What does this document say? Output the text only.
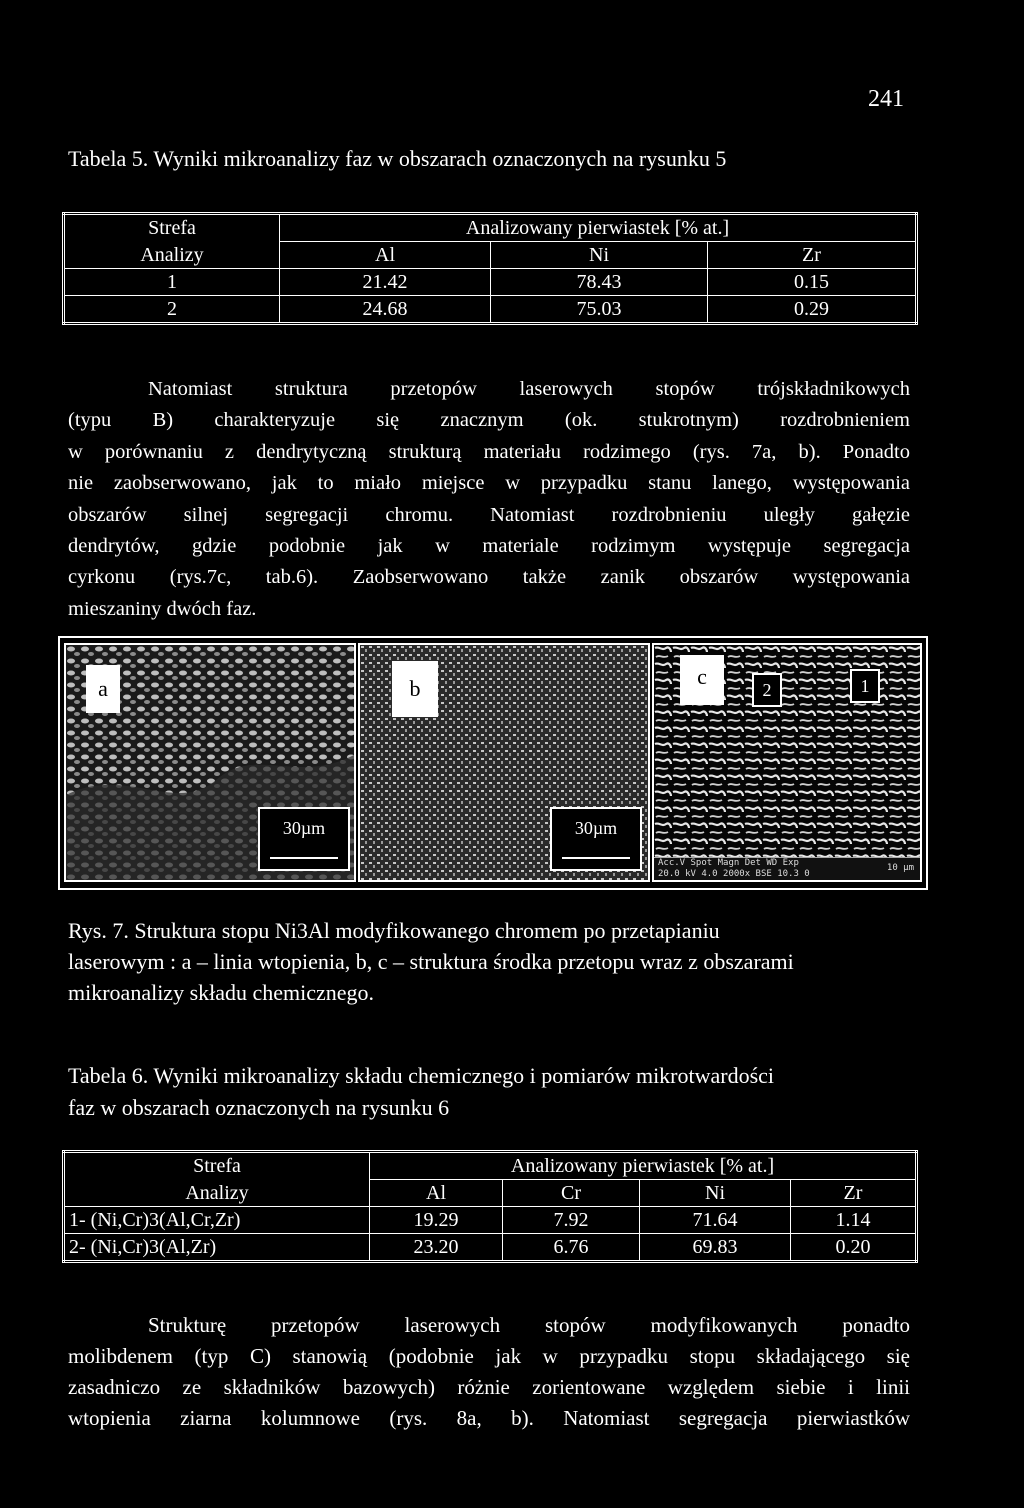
241
Tabela 5. Wyniki mikroanalizy faz w obszarach oznaczonych na rysunku 5
Strefa	Analizowany pierwiastek [% at.]		
Analizy	Al	Ni	Zr
1	21.42	78.43	0.15
2	24.68	75.03	0.29
Natomiast struktura przetopów laserowych stopów trójskładnikowych
(typu B) charakteryzuje się znacznym (ok. stukrotnym) rozdrobnieniem
w porównaniu z dendrytyczną strukturą materiału rodzimego (rys. 7a, b). Ponadto
nie zaobserwowano, jak to miało miejsce w przypadku stanu lanego, występowania
obszarów silnej segregacji chromu. Natomiast rozdrobnieniu uległy gałęzie
dendrytów, gdzie podobnie jak w materiale rodzimym występuje segregacja
cyrkonu (rys.7c, tab.6). Zaobserwowano także zanik obszarów występowania
mieszaniny dwóch faz.
a
30µm
b
30µm
c
2	1
Acc.V Spot Magn Det WD Exp
20.0 kV 4.0 2000x BSE 10.3 0
10 µm
Rys. 7. Struktura stopu Ni3Al modyfikowanego chromem po przetapianiu
laserowym : a – linia wtopienia, b, c – struktura środka przetopu wraz z obszarami
mikroanalizy składu chemicznego.
Tabela 6. Wyniki mikroanalizy składu chemicznego i pomiarów mikrotwardości
faz w obszarach oznaczonych na rysunku 6
Strefa	Analizowany pierwiastek [% at.]			
Analizy	Al	Cr	Ni	Zr
1- (Ni,Cr)3(Al,Cr,Zr)	19.29	7.92	71.64	1.14
2- (Ni,Cr)3(Al,Zr)	23.20	6.76	69.83	0.20
Strukturę przetopów laserowych stopów modyfikowanych ponadto
molibdenem (typ C) stanowią (podobnie jak w przypadku stopu składającego się
zasadniczo ze składników bazowych) różnie zorientowane względem siebie i linii
wtopienia ziarna kolumnowe (rys. 8a, b). Natomiast segregacja pierwiastków
